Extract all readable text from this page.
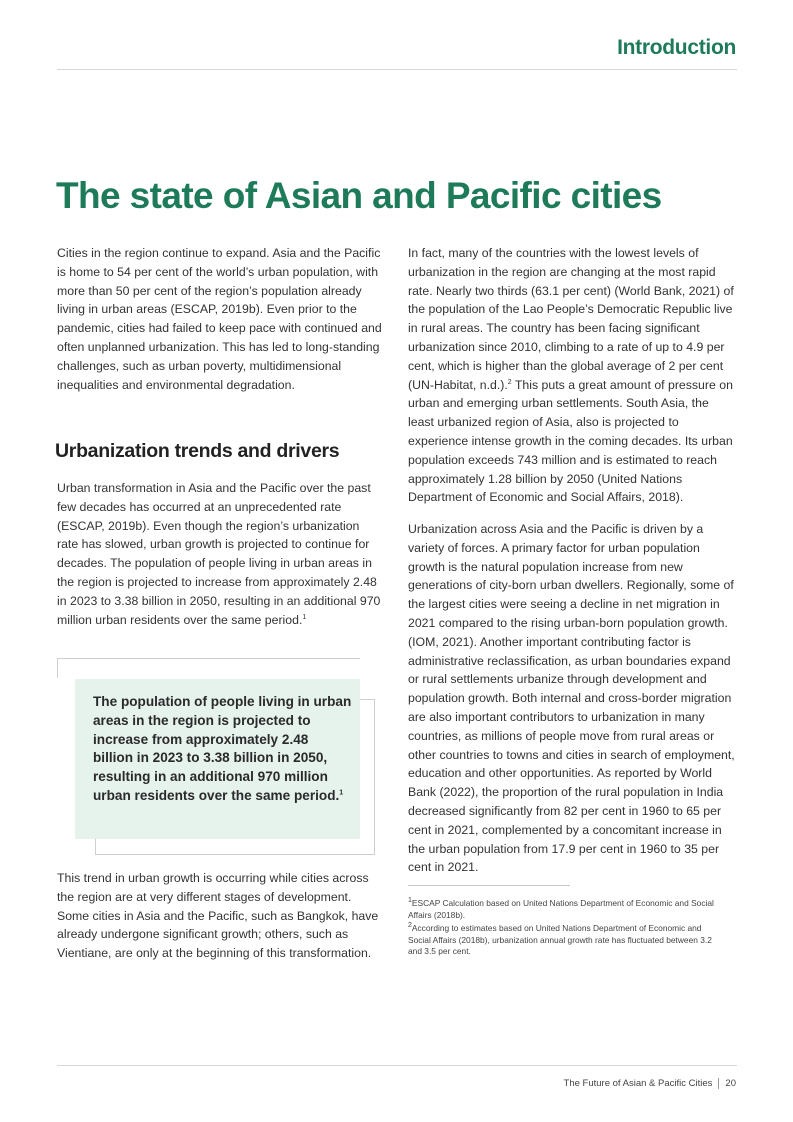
Introduction
The state of Asian and Pacific cities

Cities in the region continue to expand. Asia and the Pacific is home to 54 per cent of the world’s urban population, with more than 50 per cent of the region’s population already living in urban areas (ESCAP, 2019b). Even prior to the pandemic, cities had failed to keep pace with continued and often unplanned urbanization. This has led to long-standing challenges, such as urban poverty, multidimensional inequalities and environmental degradation.

Urbanization trends and drivers

Urban transformation in Asia and the Pacific over the past few decades has occurred at an unprecedented rate (ESCAP, 2019b). Even though the region’s urbanization rate has slowed, urban growth is projected to continue for decades. The population of people living in urban areas in the region is projected to increase from approximately 2.48 in 2023 to 3.38 billion in 2050, resulting in an additional 970 million urban residents over the same period.$^1$

The population of people living in urban areas in the region is projected to increase from approximately 2.48 billion in 2023 to 3.38 billion in 2050, resulting in an additional 970 million urban residents over the same period.$^1$

This trend in urban growth is occurring while cities across the region are at very different stages of development. Some cities in Asia and the Pacific, such as Bangkok, have already undergone significant growth; others, such as Vientiane, are only at the beginning of this transformation.

In fact, many of the countries with the lowest levels of urbanization in the region are changing at the most rapid rate. Nearly two thirds (63.1 per cent) (World Bank, 2021) of the population of the Lao People’s Democratic Republic live in rural areas. The country has been facing significant urbanization since 2010, climbing to a rate of up to 4.9 per cent, which is higher than the global average of 2 per cent (UN-Habitat, n.d.).$^2$ This puts a great amount of pressure on urban and emerging urban settlements. South Asia, the least urbanized region of Asia, also is projected to experience intense growth in the coming decades. Its urban population exceeds 743 million and is estimated to reach approximately 1.28 billion by 2050 (United Nations Department of Economic and Social Affairs, 2018).

Urbanization across Asia and the Pacific is driven by a variety of forces. A primary factor for urban population growth is the natural population increase from new generations of city-born urban dwellers. Regionally, some of the largest cities were seeing a decline in net migration in 2021 compared to the rising urban-born population growth. (IOM, 2021). Another important contributing factor is administrative reclassification, as urban boundaries expand or rural settlements urbanize through development and population growth. Both internal and cross-border migration are also important contributors to urbanization in many countries, as millions of people move from rural areas or other countries to towns and cities in search of employment, education and other opportunities. As reported by World Bank (2022), the proportion of the rural population in India decreased significantly from 82 per cent in 1960 to 65 per cent in 2021, complemented by a concomitant increase in the urban population from 17.9 per cent in 1960 to 35 per cent in 2021.

$^1$ESCAP Calculation based on United Nations Department of Economic and Social Affairs (2018b).

$^2$According to estimates based on United Nations Department of Economic and Social Affairs (2018b), urbanization annual growth rate has fluctuated between 3.2 and 3.5 per cent.

The Future of Asian & Pacific Cities 20
